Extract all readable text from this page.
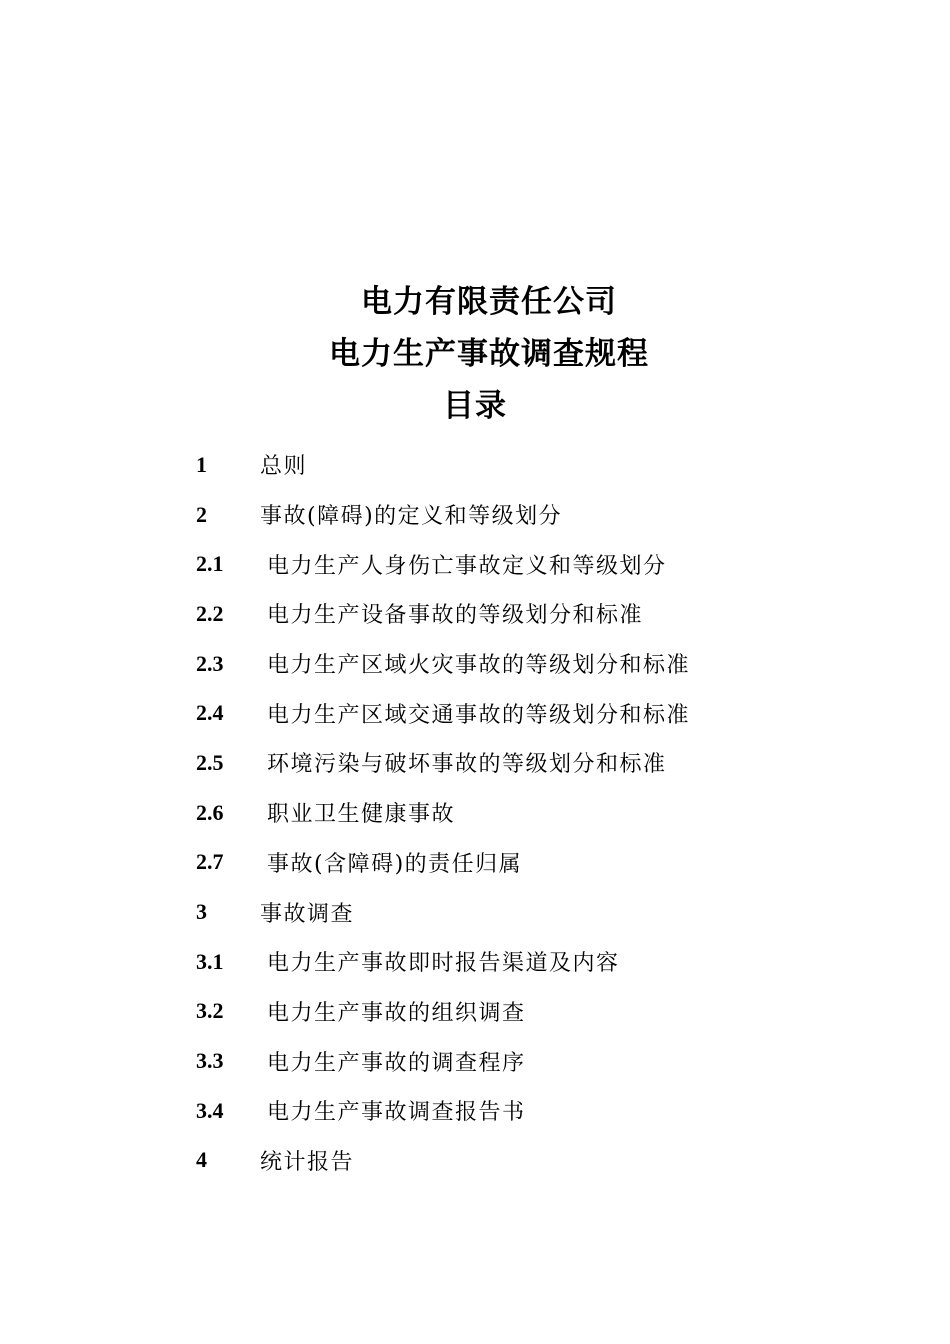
电力有限责任公司
电力生产事故调查规程
目录
1	总则
2	事故(障碍)的定义和等级划分
2.1	电力生产人身伤亡事故定义和等级划分
2.2	电力生产设备事故的等级划分和标准
2.3	电力生产区域火灾事故的等级划分和标准
2.4	电力生产区域交通事故的等级划分和标准
2.5	环境污染与破坏事故的等级划分和标准
2.6	职业卫生健康事故
2.7	事故(含障碍)的责任归属
3	事故调查
3.1	电力生产事故即时报告渠道及内容
3.2	电力生产事故的组织调查
3.3	电力生产事故的调查程序
3.4	电力生产事故调查报告书
4	统计报告
